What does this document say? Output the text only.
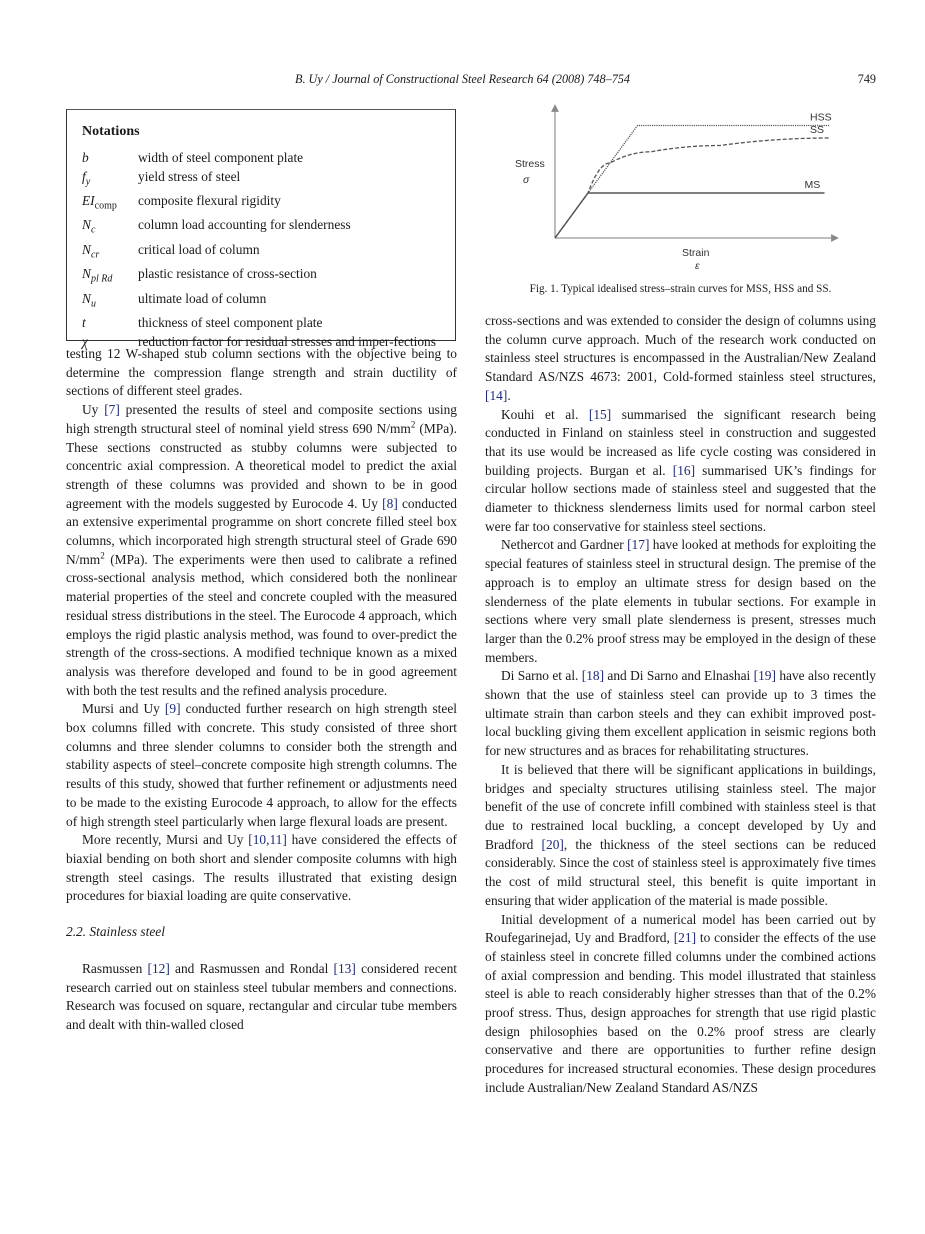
B. Uy / Journal of Constructional Steel Research 64 (2008) 748–754	749
Notations
b	width of steel component plate
$f_y$	yield stress of steel
$EI_{comp}$	composite flexural rigidity
$N_c$	column load accounting for slenderness
$N_{cr}$	critical load of column
$N_{pl Rd}$	plastic resistance of cross-section
$N_u$	ultimate load of column
t	thickness of steel component plate
χ	reduction factor for residual stresses and imper-fections
HSS
SS
MS
Stress
σ
Strain
ε
Fig. 1. Typical idealised stress–strain curves for MSS, HSS and SS.

testing 12 W-shaped stub column sections with the objective being to determine the compression flange strength and strain ductility of sections of different steel grades.

Uy [7] presented the results of steel and composite sections using high strength structural steel of nominal yield stress 690 $N/mm^2$ (MPa). These sections constructed as stubby columns were subjected to concentric axial compression. A theoretical model to predict the axial strength of these columns was provided and shown to be in good agreement with the models suggested by Eurocode 4. Uy [8] conducted an extensive experimental programme on short concrete filled steel box columns, which incorporated high strength structural steel of Grade 690 $N/mm^2$ (MPa). The experiments were then used to calibrate a refined cross-sectional analysis method, which considered both the nonlinear material properties of the steel and concrete coupled with the measured residual stress distributions in the steel. The Eurocode 4 approach, which employs the rigid plastic analysis method, was found to over-predict the strength of the cross-sections. A modified technique known as a mixed analysis was therefore developed and found to be in good agreement with both the test results and the refined analysis procedure.

Mursi and Uy [9] conducted further research on high strength steel box columns filled with concrete. This study consisted of three short columns and three slender columns to consider both the strength and stability aspects of steel–concrete composite high strength columns. The results of this study, showed that further refinement or adjustments need to be made to the existing Eurocode 4 approach, to allow for the effects of high strength steel particularly when large flexural loads are present.

More recently, Mursi and Uy [10,11] have considered the effects of biaxial bending on both short and slender composite columns with high strength steel casings. The results illustrated that existing design procedures for biaxial loading are quite conservative.

2.2. Stainless steel

Rasmussen [12] and Rasmussen and Rondal [13] considered recent research carried out on stainless steel tubular members and connections. Research was focused on square, rectangular and circular tube members and dealt with thin-walled closed

cross-sections and was extended to consider the design of columns using the column curve approach. Much of the research work conducted on stainless steel structures is encompassed in the Australian/New Zealand Standard AS/NZS 4673: 2001, Cold-formed stainless steel structures, [14].

Kouhi et al. [15] summarised the significant research being conducted in Finland on stainless steel in construction and suggested that its use would be increased as life cycle costing was considered in building projects. Burgan et al. [16] summarised UK’s findings for circular hollow sections made of stainless steel and suggested that the diameter to thickness slenderness limits used for normal carbon steel were far too conservative for stainless steel sections.

Nethercot and Gardner [17] have looked at methods for exploiting the special features of stainless steel in structural design. The premise of the approach is to employ an ultimate stress for design based on the slenderness of the plate elements in tubular sections. For example in sections where very small plate slenderness is present, stresses much larger than the 0.2% proof stress may be employed in the design of these members.

Di Sarno et al. [18] and Di Sarno and Elnashai [19] have also recently shown that the use of stainless steel can provide up to 3 times the ultimate strain than carbon steels and they can exhibit improved post-local buckling giving them excellent application in seismic regions both for new structures and as braces for rehabilitating structures.

It is believed that there will be significant applications in buildings, bridges and specialty structures utilising stainless steel. The major benefit of the use of concrete infill combined with stainless steel is that due to restrained local buckling, a concept developed by Uy and Bradford [20], the thickness of the steel sections can be reduced considerably. Since the cost of stainless steel is approximately five times the cost of mild structural steel, this benefit is quite important in ensuring that wider application of the material is made possible.

Initial development of a numerical model has been carried out by Roufegarinejad, Uy and Bradford, [21] to consider the effects of the use of stainless steel in concrete filled columns under the combined actions of axial compression and bending. This model illustrated that stainless steel is able to reach considerably higher stresses than that of the 0.2% proof stress. Thus, design approaches for strength that use rigid plastic design philosophies based on the 0.2% proof stress are clearly conservative and there are opportunities to further refine design procedures for increased structural economies. These design procedures include Australian/New Zealand Standard AS/NZS
